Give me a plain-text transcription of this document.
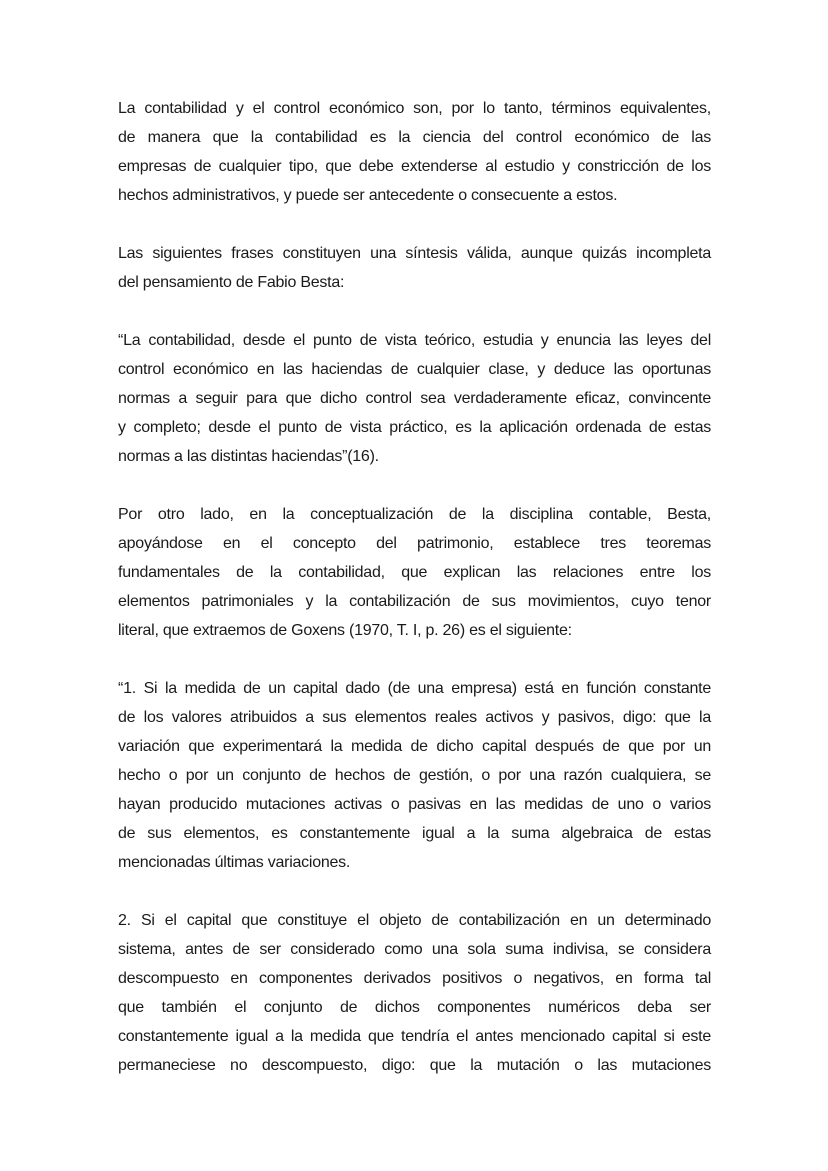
La contabilidad y el control económico son, por lo tanto, términos equivalentes,
de manera que la contabilidad es la ciencia del control económico de las
empresas de cualquier tipo, que debe extenderse al estudio y constricción de los
hechos administrativos, y puede ser antecedente o consecuente a estos.
Las siguientes frases constituyen una síntesis válida, aunque quizás incompleta
del pensamiento de Fabio Besta:
“La contabilidad, desde el punto de vista teórico, estudia y enuncia las leyes del
control económico en las haciendas de cualquier clase, y deduce las oportunas
normas a seguir para que dicho control sea verdaderamente eficaz, convincente
y completo; desde el punto de vista práctico, es la aplicación ordenada de estas
normas a las distintas haciendas”(16).
Por otro lado, en la conceptualización de la disciplina contable, Besta,
apoyándose en el concepto del patrimonio, establece tres teoremas
fundamentales de la contabilidad, que explican las relaciones entre los
elementos patrimoniales y la contabilización de sus movimientos, cuyo tenor
literal, que extraemos de Goxens (1970, T. I, p. 26) es el siguiente:
“1. Si la medida de un capital dado (de una empresa) está en función constante
de los valores atribuidos a sus elementos reales activos y pasivos, digo: que la
variación que experimentará la medida de dicho capital después de que por un
hecho o por un conjunto de hechos de gestión, o por una razón cualquiera, se
hayan producido mutaciones activas o pasivas en las medidas de uno o varios
de sus elementos, es constantemente igual a la suma algebraica de estas
mencionadas últimas variaciones.
2. Si el capital que constituye el objeto de contabilización en un determinado
sistema, antes de ser considerado como una sola suma indivisa, se considera
descompuesto en componentes derivados positivos o negativos, en forma tal
que también el conjunto de dichos componentes numéricos deba ser
constantemente igual a la medida que tendría el antes mencionado capital si este
permaneciese no descompuesto, digo: que la mutación o las mutaciones
